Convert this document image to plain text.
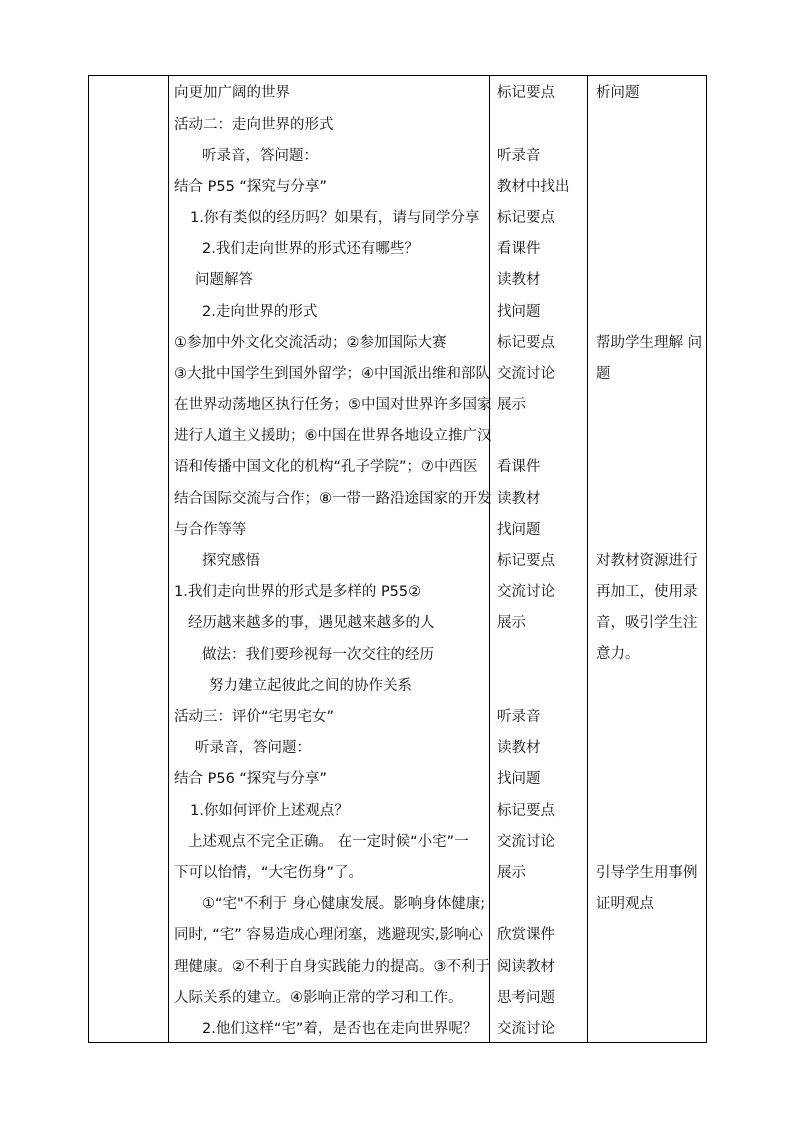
向更加广阔的世界
活动二：走向世界的形式
听录音，答问题：
结合 P55 “探究与分享”
1.你有类似的经历吗？如果有，请与同学分享
2.我们走向世界的形式还有哪些？
问题解答
2.走向世界的形式
①参加中外文化交流活动；②参加国际大赛
③大批中国学生到国外留学；④中国派出维和部队
在世界动荡地区执行任务；⑤中国对世界许多国家
进行人道主义援助；⑥中国在世界各地设立推广汉
语和传播中国文化的机构“孔子学院”；⑦中西医
结合国际交流与合作；⑧一带一路沿途国家的开发
与合作等等
探究感悟
1.我们走向世界的形式是多样的 P55②
经历越来越多的事，遇见越来越多的人
做法：我们要珍视每一次交往的经历
努力建立起彼此之间的协作关系
活动三：评价“宅男宅女”
听录音，答问题：
结合 P56 “探究与分享”
1.你如何评价上述观点？
上述观点不完全正确。 在一定时候“小宅”一
下可以怡情，“大宅伤身”了。
①“宅"不利于 身心健康发展。影响身体健康;
同时, “宅” 容易造成心理闭塞，逃避现实,影响心
理健康。②不利于自身实践能力的提高。③不利于
人际关系的建立。④影响正常的学习和工作。
2.他们这样“宅”着，是否也在走向世界呢？
标记要点
听录音
教材中找出
标记要点
看课件
读教材
找问题
标记要点
交流讨论
展示
看课件
读教材
找问题
标记要点
交流讨论
展示
听录音
读教材
找问题
标记要点
交流讨论
展示
欣赏课件
阅读教材
思考问题
交流讨论
析问题
帮助学生理解 问题
对教材资源进行再加工，使用录音，吸引学生注意力。
引导学生用事例证明观点
